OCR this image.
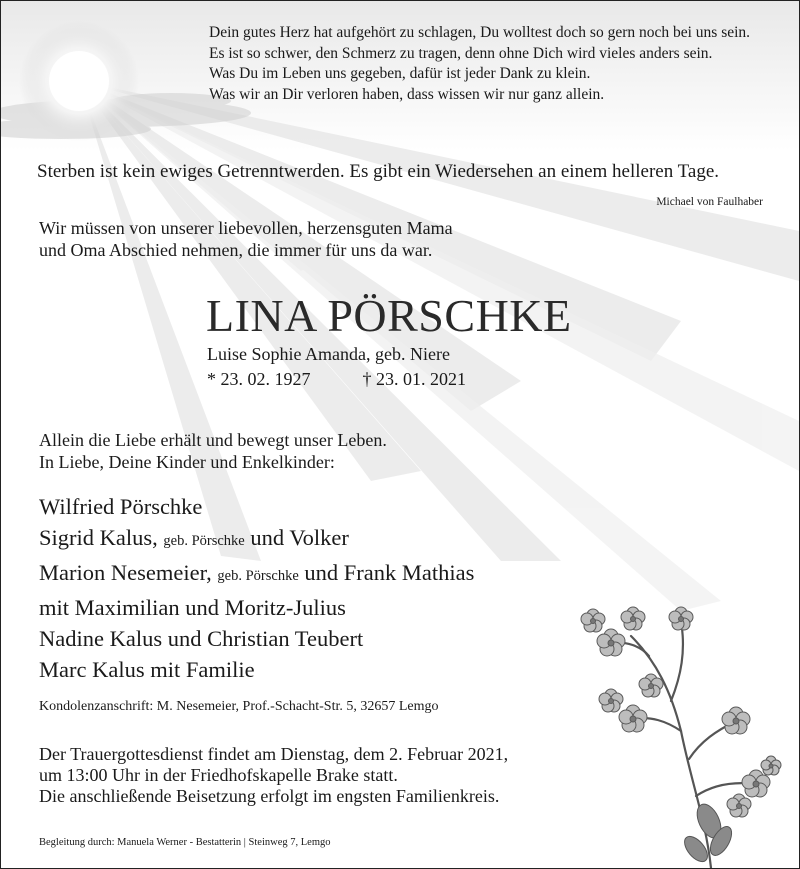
Dein gutes Herz hat aufgehört zu schlagen, Du wolltest doch so gern noch bei uns sein.
Es ist so schwer, den Schmerz zu tragen, denn ohne Dich wird vieles anders sein.
Was Du im Leben uns gegeben, dafür ist jeder Dank zu klein.
Was wir an Dir verloren haben, dass wissen wir nur ganz allein.
Sterben ist kein ewiges Getrenntwerden. Es gibt ein Wiedersehen an einem helleren Tage.
Michael von Faulhaber
Wir müssen von unserer liebevollen, herzensguten Mama
und Oma Abschied nehmen, die immer für uns da war.
LINA PÖRSCHKE
Luise Sophie Amanda, geb. Niere
* 23. 02. 1927	† 23. 01. 2021
Allein die Liebe erhält und bewegt unser Leben.
In Liebe, Deine Kinder und Enkelkinder:
Wilfried Pörschke
Sigrid Kalus, geb. Pörschke und Volker
Marion Nesemeier, geb. Pörschke und Frank Mathias
mit Maximilian und Moritz-Julius
Nadine Kalus und Christian Teubert
Marc Kalus mit Familie
Kondolenzanschrift: M. Nesemeier, Prof.-Schacht-Str. 5, 32657 Lemgo
Der Trauergottesdienst findet am Dienstag, dem 2. Februar 2021,
um 13:00 Uhr in der Friedhofskapelle Brake statt.
Die anschließende Beisetzung erfolgt im engsten Familienkreis.
Begleitung durch: Manuela Werner - Bestatterin | Steinweg 7, Lemgo
